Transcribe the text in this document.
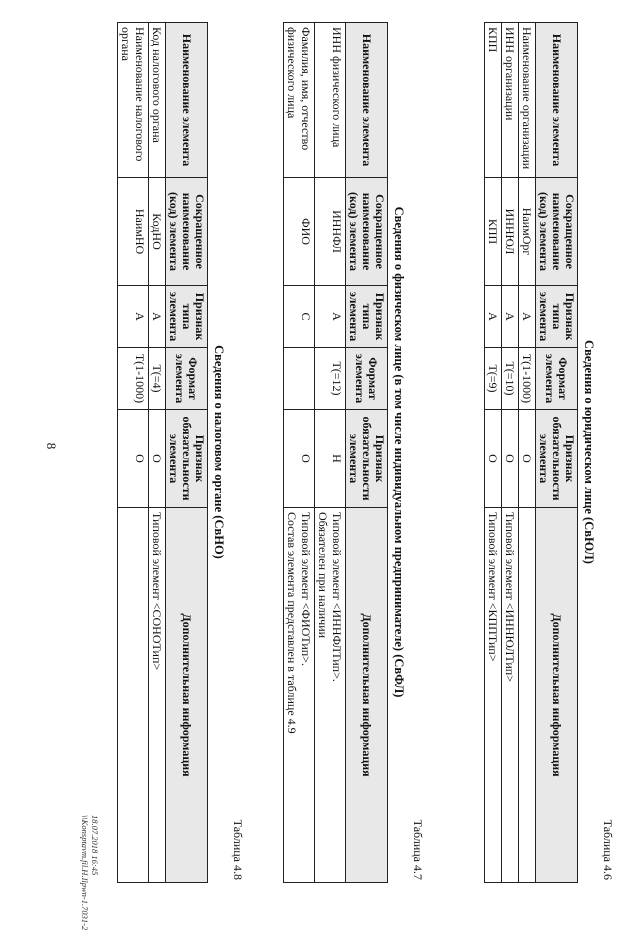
8
Таблица 4.6
Сведения о юридическом лице (СвЮЛ)
Наименование элемента	Сокращенное наименование (код) элемента	Признак типа элемента	Формат элемента	Признак обязательности элемента	Дополнительная информация
Наименование организации	НаимОрг	А	Т(1-1000)	О	
ИНН организации	ИННЮЛ	А	Т(=10)	О	Типовой элемент <ИННЮЛТип>
КПП	КПП	А	Т(=9)	О	Типовой элемент <КППТип>
Таблица 4.7
Сведения о физическом лице (в том числе индивидуальном предпринимателе) (СвФЛ)
Наименование элемента	Сокращенное наименование (код) элемента	Признак типа элемента	Формат элемента	Признак обязательности элемента	Дополнительная информация
ИНН физического лица	ИННФЛ	А	Т(=12)	Н	Типовой элемент <ИННФЛТип>.
Обязателен при наличии
Фамилия, имя, отчество физического лица	ФИО	С		О	Типовой элемент <ФИОТип>.
Состав элемента представлен в таблице 4.9
Таблица 4.8
Сведения о налоговом органе (СвНО)
Наименование элемента	Сокращенное наименование (код) элемента	Признак типа элемента	Формат элемента	Признак обязательности элемента	Дополнительная информация
Код налогового органа	КодНО	А	Т(=4)	О	Типовой элемент <СОНОТип>
Наименование налогового органа	НаимНО	А	Т(1-1000)	О	
18.07.2018 16:45
\\Konsptavm.fil.H.Ilpwn-1.7031-2
